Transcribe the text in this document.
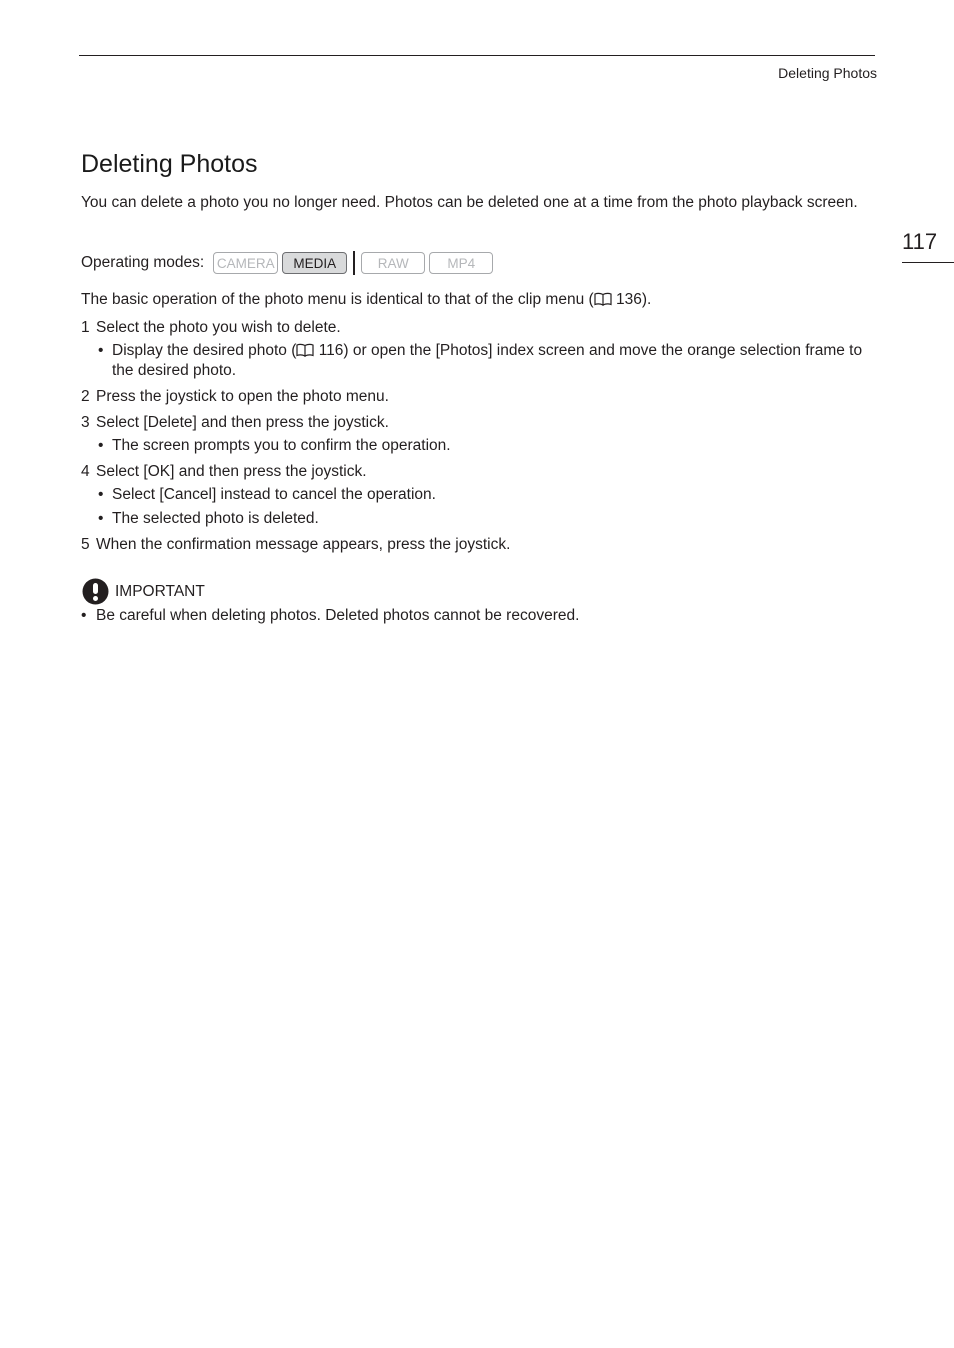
Deleting Photos
117
Deleting Photos

You can delete a photo you no longer need. Photos can be deleted one at a time from the photo playback screen.

Operating modes: CAMERA	MEDIA	RAW	MP4

The basic operation of the photo menu is identical to that of the clip menu ( 136).

1 Select the photo you wish to delete.
• Display the desired photo ( 116) or open the [Photos] index screen and move the orange selection frame to the desired photo.
2 Press the joystick to open the photo menu.
3 Select [Delete] and then press the joystick.
• The screen prompts you to confirm the operation.
4 Select [OK] and then press the joystick.
• Select [Cancel] instead to cancel the operation.
• The selected photo is deleted.
5 When the confirmation message appears, press the joystick.
IMPORTANT
• Be careful when deleting photos. Deleted photos cannot be recovered.
